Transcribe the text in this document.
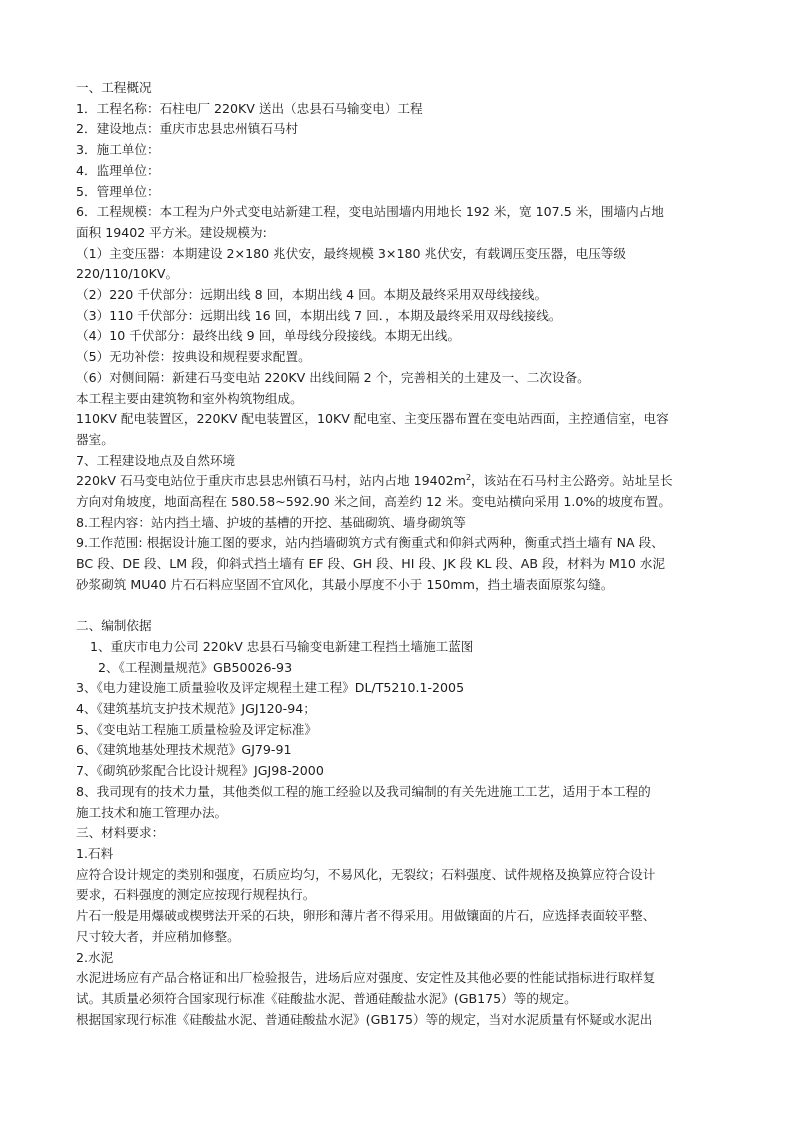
一、工程概况
1．工程名称：石柱电厂 220KV 送出（忠县石马输变电）工程
2．建设地点：重庆市忠县忠州镇石马村
3．施工单位：
4．监理单位：
5．管理单位：
6．工程规模：本工程为户外式变电站新建工程，变电站围墙内用地长 192 米，宽 107.5 米，围墙内占地
面积 19402 平方米。建设规模为:
（1）主变压器：本期建设 2×180 兆伏安，最终规模 3×180 兆伏安，有载调压变压器，电压等级
220/110/10KV。
（2）220 千伏部分：远期出线 8 回，本期出线 4 回。本期及最终采用双母线接线。
（3）110 千伏部分：远期出线 16 回，本期出线 7 回．，本期及最终采用双母线接线。
（4）10 千伏部分：最终出线 9 回，单母线分段接线。本期无出线。
（5）无功补偿：按典设和规程要求配置。
（6）对侧间隔：新建石马变电站 220KV 出线间隔 2 个，完善相关的土建及一、二次设备。
本工程主要由建筑物和室外构筑物组成。
110KV 配电装置区，220KV 配电装置区，10KV 配电室、主变压器布置在变电站西面，主控通信室，电容
器室。
7、工程建设地点及自然环境
220kV 石马变电站位于重庆市忠县忠州镇石马村，站内占地 $19402m^2$，该站在石马村主公路旁。站址呈长
方向对角坡度，地面高程在 580.58~592.90 米之间，高差约 12 米。变电站横向采用 1.0%的坡度布置。
8.工程内容：站内挡土墙、护坡的基槽的开挖、基础砌筑、墙身砌筑等
9.工作范围: 根据设计施工图的要求，站内挡墙砌筑方式有衡重式和仰斜式两种，衡重式挡土墙有 NA 段、
BC 段、DE 段、LM 段，仰斜式挡土墙有 EF 段、GH 段、HI 段、JK 段 KL 段、AB 段，材料为 M10 水泥
砂浆砌筑 MU40 片石石料应坚固不宜风化，其最小厚度不小于 150mm，挡土墙表面原浆勾缝。
二、编制依据
1、重庆市电力公司 220kV 忠县石马输变电新建工程挡土墙施工蓝图
2、《工程测量规范》GB50026-93
3、《电力建设施工质量验收及评定规程土建工程》DL/T5210.1-2005
4、《建筑基坑支护技术规范》JGJ120-94；
5、《变电站工程施工质量检验及评定标准》
6、《建筑地基处理技术规范》GJ79-91
7、《砌筑砂浆配合比设计规程》JGJ98-2000
8、我司现有的技术力量，其他类似工程的施工经验以及我司编制的有关先进施工工艺，适用于本工程的
施工技术和施工管理办法。
三、材料要求：
1.石料
应符合设计规定的类别和强度，石质应均匀，不易风化，无裂纹；石料强度、试件规格及换算应符合设计
要求，石料强度的测定应按现行规程执行。
片石一般是用爆破或楔劈法开采的石块，卵形和薄片者不得采用。用做镶面的片石，应选择表面较平整、
尺寸较大者，并应稍加修整。
2.水泥
水泥进场应有产品合格证和出厂检验报告，进场后应对强度、安定性及其他必要的性能试指标进行取样复
试。其质量必须符合国家现行标准《硅酸盐水泥、普通硅酸盐水泥》(GB175）等的规定。
根据国家现行标准《硅酸盐水泥、普通硅酸盐水泥》(GB175）等的规定，当对水泥质量有怀疑或水泥出
